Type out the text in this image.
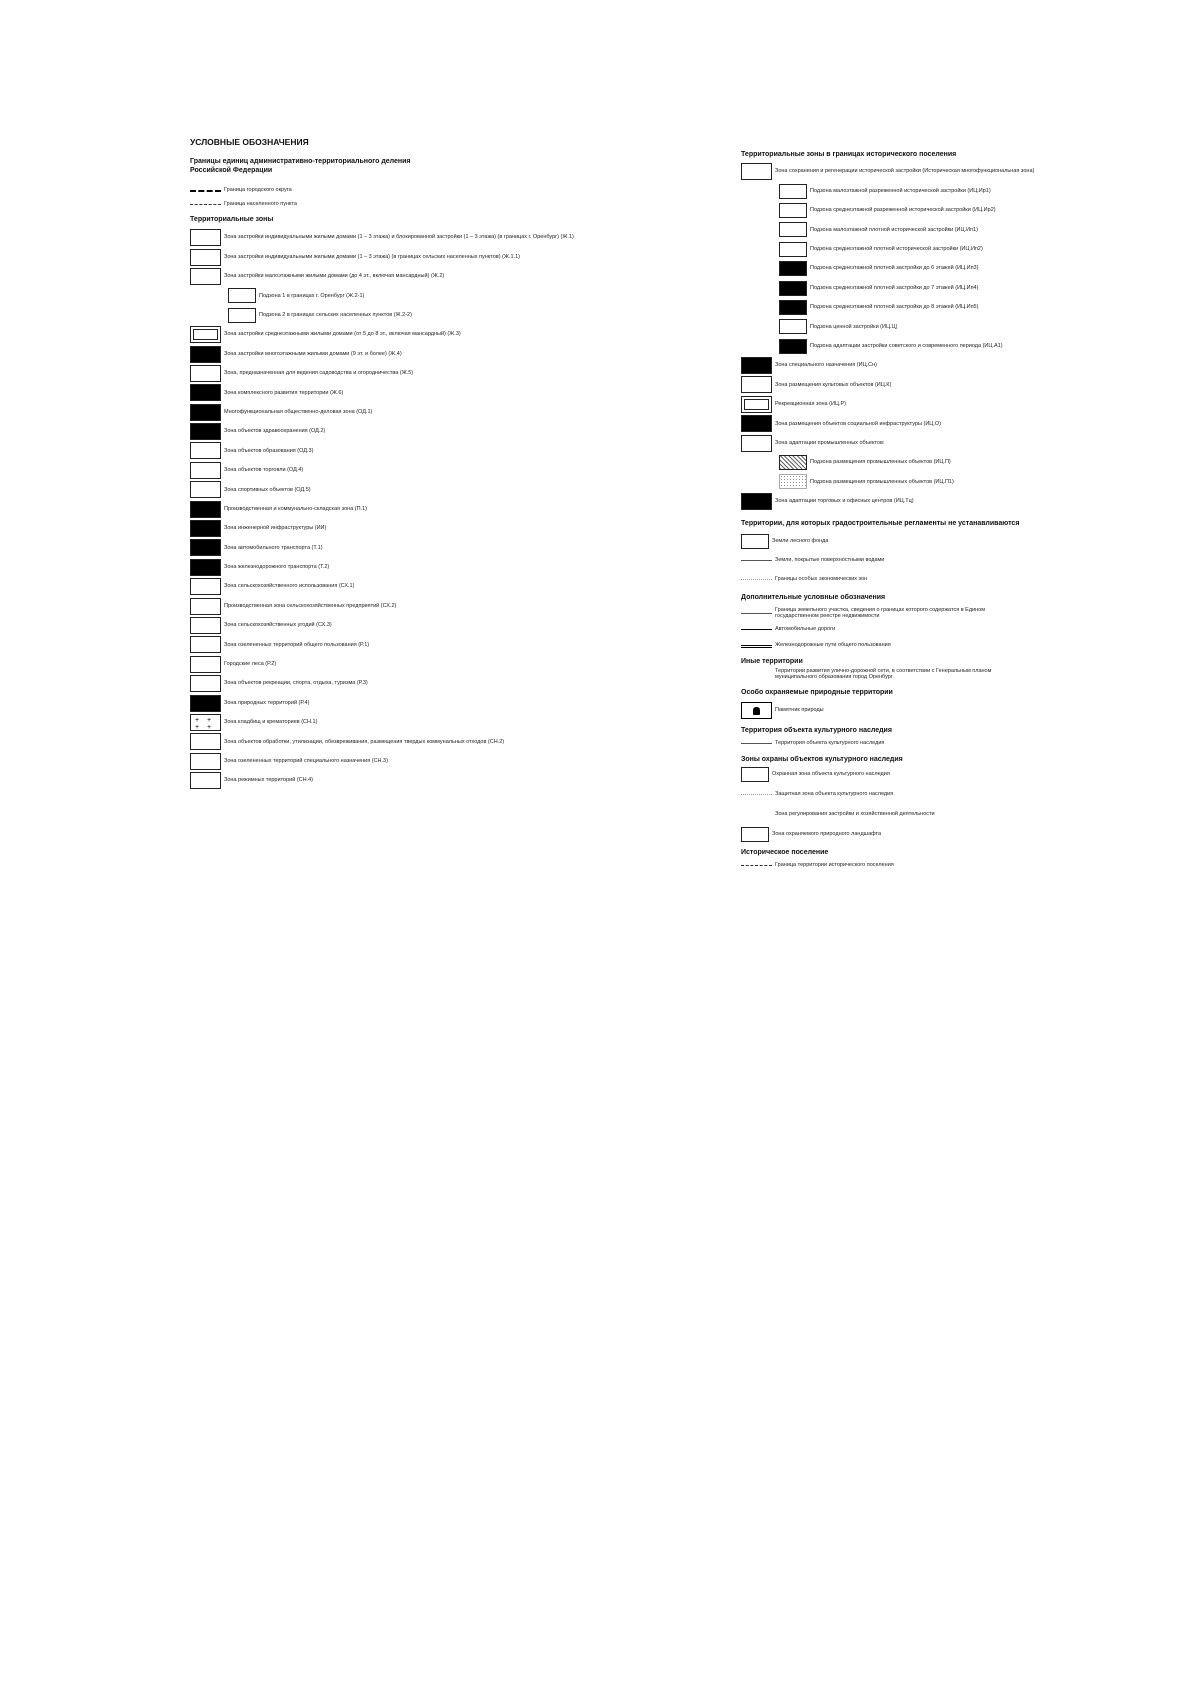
УСЛОВНЫЕ ОБОЗНАЧЕНИЯ

Границы единиц административно-территориального деления Российской Федерации

Граница городского округа
Граница населенного пункта

Территориальные зоны

Зона застройки индивидуальными жилыми домами (1 – 3 этажа) и блокированной застройки (1 – 3 этажа) (в границах г. Оренбург) (Ж.1)
Зона застройки индивидуальными жилыми домами (1 – 3 этажа) (в границах сельских населенных пунктов) (Ж.1.1)
Зона застройки малоэтажными жилыми домами (до 4 эт., включая мансардный) (Ж.2)
Подзона 1 в границах г. Оренбург (Ж.2-1)
Подзона 2 в границах сельских населенных пунктов (Ж.2-2)
Зона застройки среднеэтажными жилыми домами (от 5 до 8 эт., включая мансардный) (Ж.3)
Зона застройки многоэтажными жилыми домами (9 эт. и более) (Ж.4)
Зона, предназначенная для ведения садоводства и огородничества (Ж.5)
Зона комплексного развития территории (Ж.6)
Многофункциональная общественно-деловая зона (ОД.1)
Зона объектов здравоохранения (ОД.2)
Зона объектов образования (ОД.3)
Зона объектов торговли (ОД.4)
Зона спортивных объектов (ОД.5)
Производственная и коммунально-складская зона (П.1)
Зона инженерной инфраструктуры (ИИ)
Зона автомобильного транспорта (Т.1)
Зона железнодорожного транспорта (Т.2)
Зона сельскохозяйственного использования (СХ.1)
Производственная зона сельскохозяйственных предприятий (СХ.2)
Зона сельскохозяйственных угодий (СХ.3)
Зона озелененных территорий общего пользования (Р.1)
Городские леса (Р.2)
Зона объектов рекреации, спорта, отдыха, туризма (Р.3)
Зона природных территорий (Р.4)
+ +
+ +
Зона кладбищ и крематориев (СН.1)
Зона объектов обработки, утилизации, обезвреживания, размещения твердых коммунальных отходов (СН.2)
Зона озелененных территорий специального назначения (СН.3)
Зона режимных территорий (СН.4)

Территориальные зоны в границах исторического поселения

Зона сохранения и регенерации исторической застройки (Историческая многофункциональная зона)
Подзона малоэтажной разреженной исторической застройки (ИЦ.Ир1)
Подзона среднеэтажной разреженной исторической застройки (ИЦ.Ир2)
Подзона малоэтажной плотной исторической застройки (ИЦ.Ип1)
Подзона среднеэтажной плотной исторической застройки (ИЦ.Ип2)
Подзона среднеэтажной плотной застройки до 6 этажей (ИЦ.Ип3)
Подзона среднеэтажной плотной застройки до 7 этажей (ИЦ.Ип4)
Подзона среднеэтажной плотной застройки до 8 этажей (ИЦ.Ип5)
Подзона ценной застройки (ИЦ.Ц)
Подзона адаптации застройки советского и современного периода (ИЦ.А1)
Зона специального назначения (ИЦ.Сн)
Зона размещения культовых объектов (ИЦ.К)
Рекреационная зона (ИЦ.Р)
Зона размещения объектов социальной инфраструктуры (ИЦ.О)
Зона адаптации промышленных объектов:
Подзона размещения промышленных объектов (ИЦ.П)
Подзона размещения промышленных объектов (ИЦ.П1)
Зона адаптации торговых и офисных центров (ИЦ.Тц)

Территории, для которых градостроительные регламенты не устанавливаются

Земли лесного фонда
Земли, покрытые поверхностными водами
Границы особых экономических зон

Дополнительные условные обозначения

Граница земельного участка, сведения о границах которого содержатся в Едином государственном реестре недвижимости
Автомобильные дороги
Железнодорожные пути общего пользования

Иные территории

Территории развития улично-дорожной сети, в соответствии с Генеральным планом муниципального образования город Оренбург

Особо охраняемые природные территории

Памятник природы

Территория объекта культурного наследия

Территория объекта культурного наследия

Зоны охраны объектов культурного наследия

Охранная зона объекта культурного наследия
Защитная зона объекта культурного наследия
Зона регулирования застройки и хозяйственной деятельности
Зона охраняемого природного ландшафта

Историческое поселение

Граница территории исторического поселения
